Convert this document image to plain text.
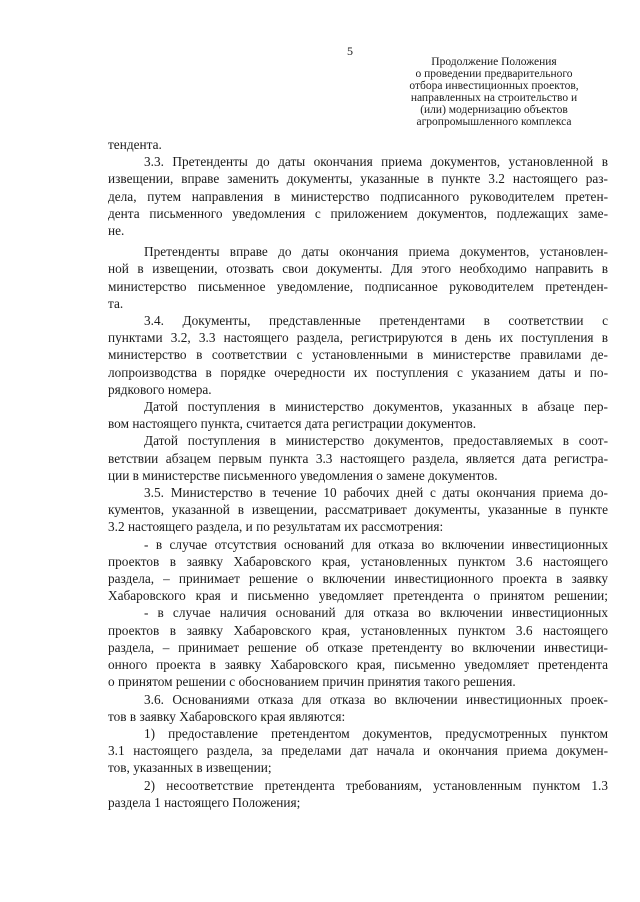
5
Продолжение Положения
о проведении предварительного
отбора инвестиционных проектов,
направленных на строительство и
(или) модернизацию объектов
агропромышленного комплекса
тендента.
3.3. Претенденты до даты окончания приема документов, установленной в
извещении, вправе заменить документы, указанные в пункте 3.2 настоящего раз-
дела, путем направления в министерство подписанного руководителем претен-
дента письменного уведомления с приложением документов, подлежащих заме-
не.
Претенденты вправе до даты окончания приема документов, установлен-
ной в извещении, отозвать свои документы. Для этого необходимо направить в
министерство письменное уведомление, подписанное руководителем претенден-
та.
3.4. Документы, представленные претендентами в соответствии с
пунктами 3.2, 3.3 настоящего раздела, регистрируются в день их поступления в
министерство в соответствии с установленными в министерстве правилами де-
лопроизводства в порядке очередности их поступления с указанием даты и по-
рядкового номера.
Датой поступления в министерство документов, указанных в абзаце пер-
вом настоящего пункта, считается дата регистрации документов.
Датой поступления в министерство документов, предоставляемых в соот-
ветствии абзацем первым пункта 3.3 настоящего раздела, является дата регистра-
ции в министерстве письменного уведомления о замене документов.
3.5. Министерство в течение 10 рабочих дней с даты окончания приема до-
кументов, указанной в извещении, рассматривает документы, указанные в пункте
3.2 настоящего раздела, и по результатам их рассмотрения:
- в случае отсутствия оснований для отказа во включении инвестиционных
проектов в заявку Хабаровского края, установленных пунктом 3.6 настоящего
раздела, – принимает решение о включении инвестиционного проекта в заявку
Хабаровского края и письменно уведомляет претендента о принятом решении;
- в случае наличия оснований для отказа во включении инвестиционных
проектов в заявку Хабаровского края, установленных пунктом 3.6 настоящего
раздела, – принимает решение об отказе претенденту во включении инвестици-
онного проекта в заявку Хабаровского края, письменно уведомляет претендента
о принятом решении с обоснованием причин принятия такого решения.
3.6. Основаниями отказа для отказа во включении инвестиционных проек-
тов в заявку Хабаровского края являются:
1) предоставление претендентом документов, предусмотренных пунктом
3.1 настоящего раздела, за пределами дат начала и окончания приема докумен-
тов, указанных в извещении;
2) несоответствие претендента требованиям, установленным пунктом 1.3
раздела 1 настоящего Положения;
